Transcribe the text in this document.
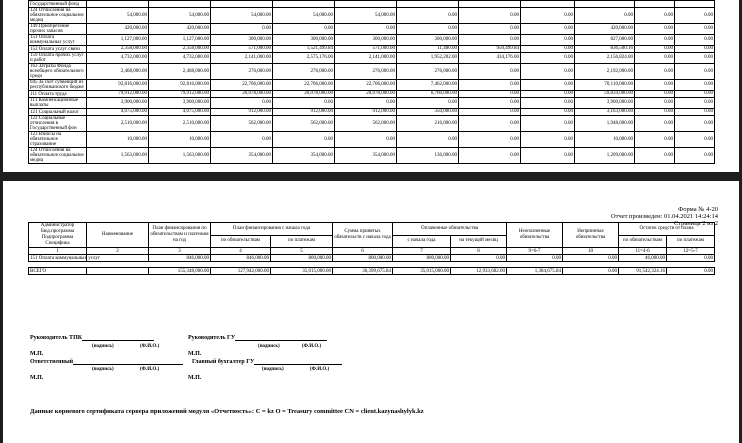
Государственный фонд											
124 Отчисления на обязательное социальное медиц	54,000.00	54,000.00	54,000.00	54,000.00	54,000.00	0.00	0.00	0.00	0.00	0.00	0.00
149 Приобретение прочих запасов	420,000.00	420,000.00	0.00	0.00	0.00	0.00	0.00	0.00	420,000.00	0.00	0.00
151 Оплата коммунальных услуг	1,127,000.00	1,127,000.00	300,000.00	300,000.00	300,000.00	300,000.00	0.00	0.00	827,000.00	0.00	0.00
152 Оплата услуг связи	2,358,000.00	2,358,000.00	571,000.00	1,521,499.84	571,000.00	11,480.00	950,499.84	0.00	836,500.16	0.00	0.00
159 Оплата прочих услуг и работ	4,732,000.00	4,732,000.00	2,141,000.00	2,575,176.00	2,141,000.00	1,952,202.00	434,176.00	0.00	2,156,824.00	0.00	0.00
163 Затраты Фонда всеобщего обязательного среди	2,468,000.00	2,468,000.00	276,000.00	276,000.00	276,000.00	276,000.00	0.00	0.00	2,192,000.00	0.00	0.00
045 За счет субвенций из республиканского бюдже	92,816,000.00	92,816,000.00	22,706,000.00	22,706,000.00	22,706,000.00	7,462,000.00	0.00	0.00	70,110,000.00	0.00	0.00
111 Оплата труда	79,912,000.00	79,912,000.00	20,078,000.00	20,078,000.00	20,078,000.00	6,760,000.00	0.00	0.00	59,834,000.00	0.00	0.00
113 Компенсационные выплаты	3,900,000.00	3,900,000.00	0.00	0.00	0.00	0.00	0.00	0.00	3,900,000.00	0.00	0.00
121 Социальный налог	4,075,000.00	4,075,000.00	912,000.00	912,000.00	912,000.00	350,000.00	0.00	0.00	3,163,000.00	0.00	0.00
122 Социальные отчисления в Государственный фон	2,510,000.00	2,510,000.00	562,000.00	562,000.00	562,000.00	216,000.00	0.00	0.00	1,948,000.00	0.00	0.00
123 Взносы на обязательное страхование	10,000.00	10,000.00	0.00	0.00	0.00	0.00	0.00	0.00	10,000.00	0.00	0.00
124 Отчисления на обязательное социальное медиц	1,563,000.00	1,563,000.00	354,000.00	354,000.00	354,000.00	136,000.00	0.00	0.00	1,209,000.00	0.00	0.00
Форма № 4-20
Отчет произведен: 01.04.2021 14:24:14
Страница 2 из 2
Администратор Бюд.программа Подпрограмма Спецификa	Наименование	План финансирования по обязательствам и платежам на год	План финансирования с начала года		Сумма принятых обязательств с начала года	Оплаченные обязательства		Неоплаченные обязательства	Непринятые обязательства	Остаток средств от плана	
			по обязательствам	по платежам		с начала года	на текущий месяц			по обязательствам	по платежам
1	2	3	4	5	6	7	8	9=6-7	10	11=4-6	12=5-7
151 Оплата коммунальных услуг		846,000.00	846,000.00	800,000.00	800,000.00	800,000.00	0.00	0.00	0.00	46,000.00	0.00

ВСЕГО		155,348,000.00	127,942,000.00	35,015,000.00	36,399,675.84	35,015,000.00	12,933,682.00	1,384,675.84	0.00	91,542,324.16	0.00
Руководитель ТПК
(подпись)	(Ф.И.О.)
Руководитель ГУ
(подпись)	(Ф.И.О.)
М.П.	М.П.
Ответственный
(подпись)	(Ф.И.О.)
Главный бухгалтер ГУ
(подпись)	(Ф.И.О.)
М.П.	М.П.
Данные корневого сертификата сервера приложений модуля «Отчетность»: С = kz O = Treasury committee CN = client.kazynashylyk.kz
